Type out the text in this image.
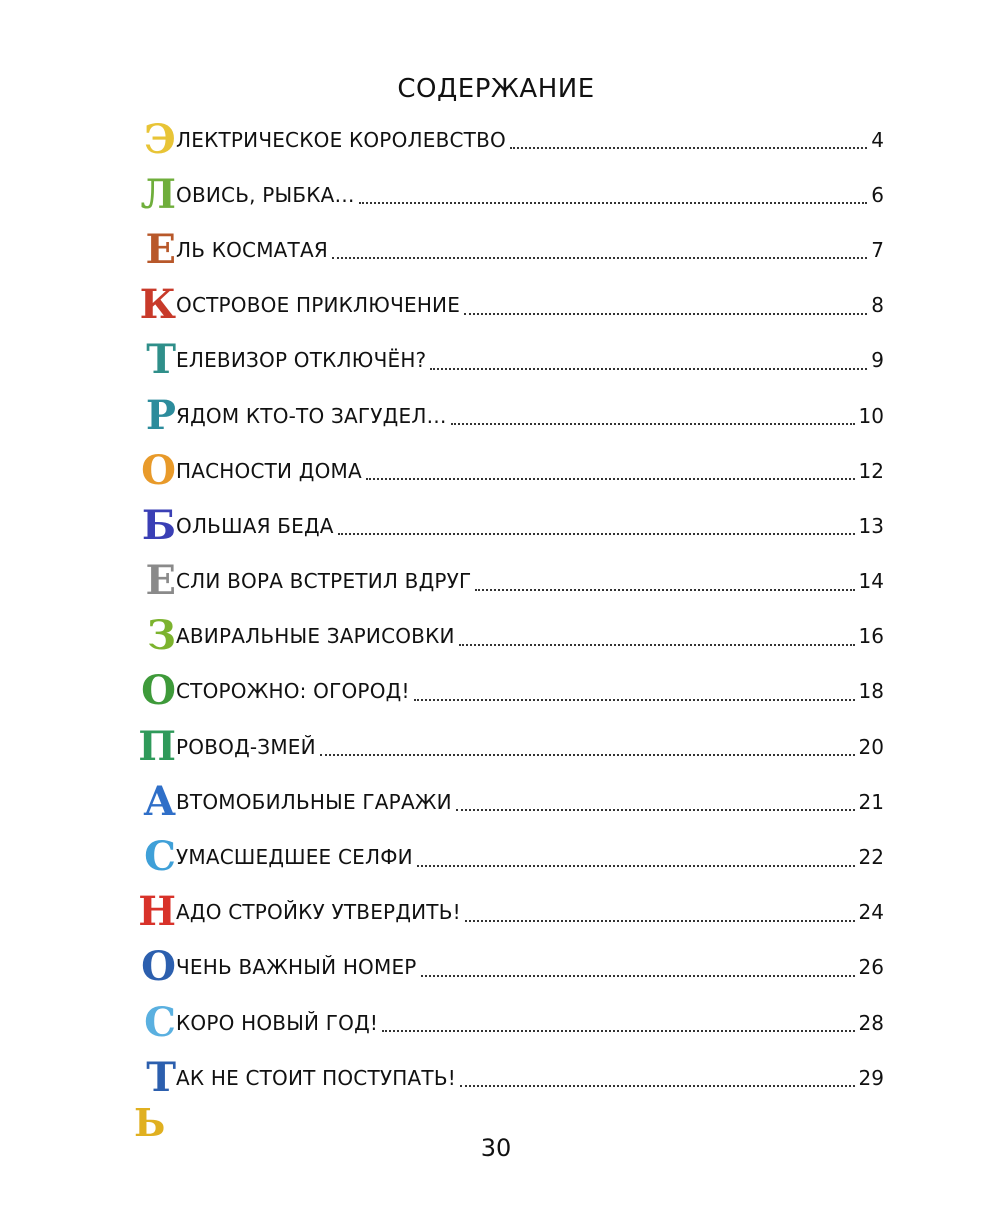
СОДЕРЖАНИЕ
Э ЛЕКТРИЧЕСКОЕ КОРОЛЕВСТВО	4
Л ОВИСЬ, РЫБКА…	6
Е ЛЬ КОСМАТАЯ	7
К ОСТРОВОЕ ПРИКЛЮЧЕНИЕ	8
Т ЕЛЕВИЗОР ОТКЛЮЧЁН?	9
Р ЯДОМ КТО-ТО ЗАГУДЕЛ…	10
О ПАСНОСТИ ДОМА	12
Б ОЛЬШАЯ БЕДА	13
Е СЛИ ВОРА ВСТРЕТИЛ ВДРУГ	14
З АВИРАЛЬНЫЕ ЗАРИСОВКИ	16
О СТОРОЖНО: ОГОРОД!	18
П РОВОД-ЗМЕЙ	20
А ВТОМОБИЛЬНЫЕ ГАРАЖИ	21
С УМАСШЕДШЕЕ СЕЛФИ	22
Н АДО СТРОЙКУ УТВЕРДИТЬ!	24
О ЧЕНЬ ВАЖНЫЙ НОМЕР	26
С КОРО НОВЫЙ ГОД!	28
Т АК НЕ СТОИТ ПОСТУПАТЬ!	29
Ь
30
